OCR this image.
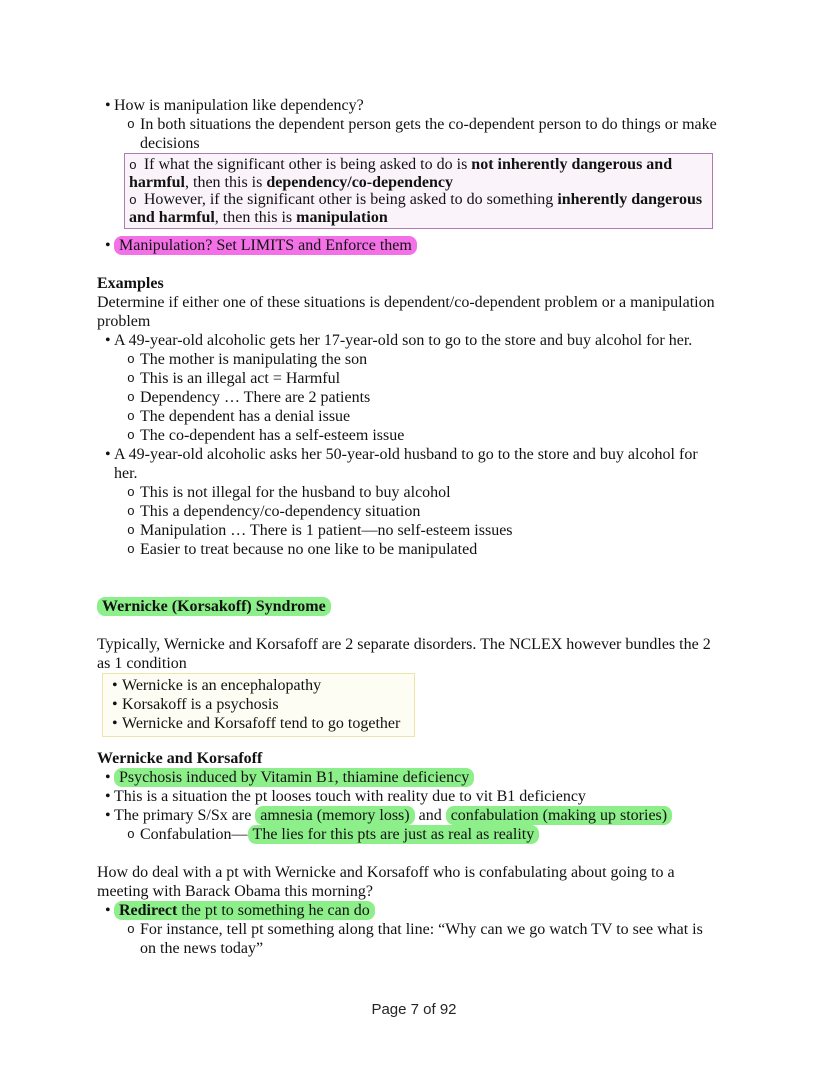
• How is manipulation like dependency?
o In both situations the dependent person gets the co-dependent person to do things or make
decisions
o If what the significant other is being asked to do is not inherently dangerous and
harmful, then this is dependency/co-dependency
o However, if the significant other is being asked to do something inherently dangerous
and harmful, then this is manipulation
• Manipulation? Set LIMITS and Enforce them
Examples
Determine if either one of these situations is dependent/co-dependent problem or a manipulation
problem
• A 49-year-old alcoholic gets her 17-year-old son to go to the store and buy alcohol for her.
o The mother is manipulating the son
o This is an illegal act = Harmful
o Dependency … There are 2 patients
o The dependent has a denial issue
o The co-dependent has a self-esteem issue
• A 49-year-old alcoholic asks her 50-year-old husband to go to the store and buy alcohol for
her.
o This is not illegal for the husband to buy alcohol
o This a dependency/co-dependency situation
o Manipulation … There is 1 patient—no self-esteem issues
o Easier to treat because no one like to be manipulated
Wernicke (Korsakoff) Syndrome
Typically, Wernicke and Korsafoff are 2 separate disorders. The NCLEX however bundles the 2
as 1 condition
• Wernicke is an encephalopathy
• Korsakoff is a psychosis
• Wernicke and Korsafoff tend to go together
Wernicke and Korsafoff
• Psychosis induced by Vitamin B1, thiamine deficiency
• This is a situation the pt looses touch with reality due to vit B1 deficiency
• The primary S/Sx are amnesia (memory loss) and confabulation (making up stories)
o Confabulation— The lies for this pts are just as real as reality
How do deal with a pt with Wernicke and Korsafoff who is confabulating about going to a
meeting with Barack Obama this morning?
• Redirect the pt to something he can do
o For instance, tell pt something along that line: “Why can we go watch TV to see what is
on the news today”
Page 7 of 92
